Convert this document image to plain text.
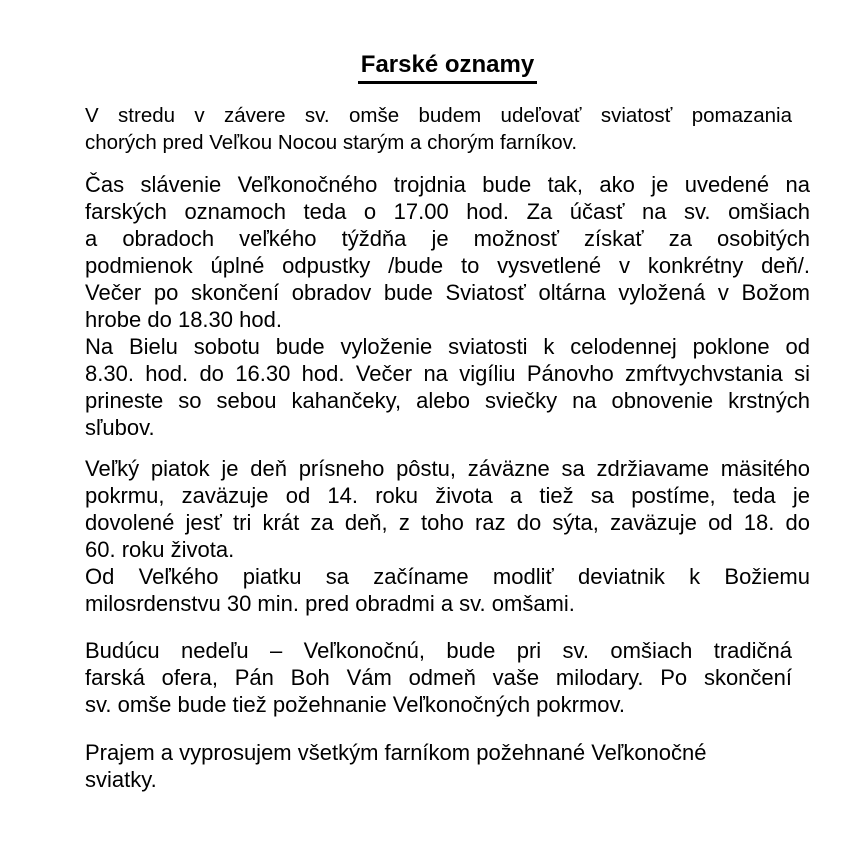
Farské oznamy

V stredu v závere sv. omše budem udeľovať sviatosť pomazania
chorých pred Veľkou Nocou starým a chorým farníkov.

Čas slávenie Veľkonočného trojdnia bude tak, ako je uvedené na
farských oznamoch teda o 17.00 hod. Za účasť na sv. omšiach
a obradoch veľkého týždňa je možnosť získať za osobitých
podmienok úplné odpustky /bude to vysvetlené v konkrétny deň/.
Večer po skončení obradov bude Sviatosť oltárna vyložená v Božom
hrobe do 18.30 hod.

Na Bielu sobotu bude vyloženie sviatosti k celodennej poklone od
8.30. hod. do 16.30 hod. Večer na vigíliu Pánovho zmŕtvychvstania si
prineste so sebou kahančeky, alebo sviečky na obnovenie krstných
sľubov.

Veľký piatok je deň prísneho pôstu, záväzne sa zdržiavame mäsitého
pokrmu, zaväzuje od 14. roku života a tiež sa postíme, teda je
dovolené jesť tri krát za deň, z toho raz do sýta, zaväzuje od 18. do
60. roku života.

Od Veľkého piatku sa začíname modliť deviatnik k Božiemu
milosrdenstvu 30 min. pred obradmi a sv. omšami.

Budúcu nedeľu – Veľkonočnú, bude pri sv. omšiach tradičná
farská ofera, Pán Boh Vám odmeň vaše milodary. Po skončení
sv. omše bude tiež požehnanie Veľkonočných pokrmov.

Prajem a vyprosujem všetkým farníkom požehnané Veľkonočné
sviatky.
